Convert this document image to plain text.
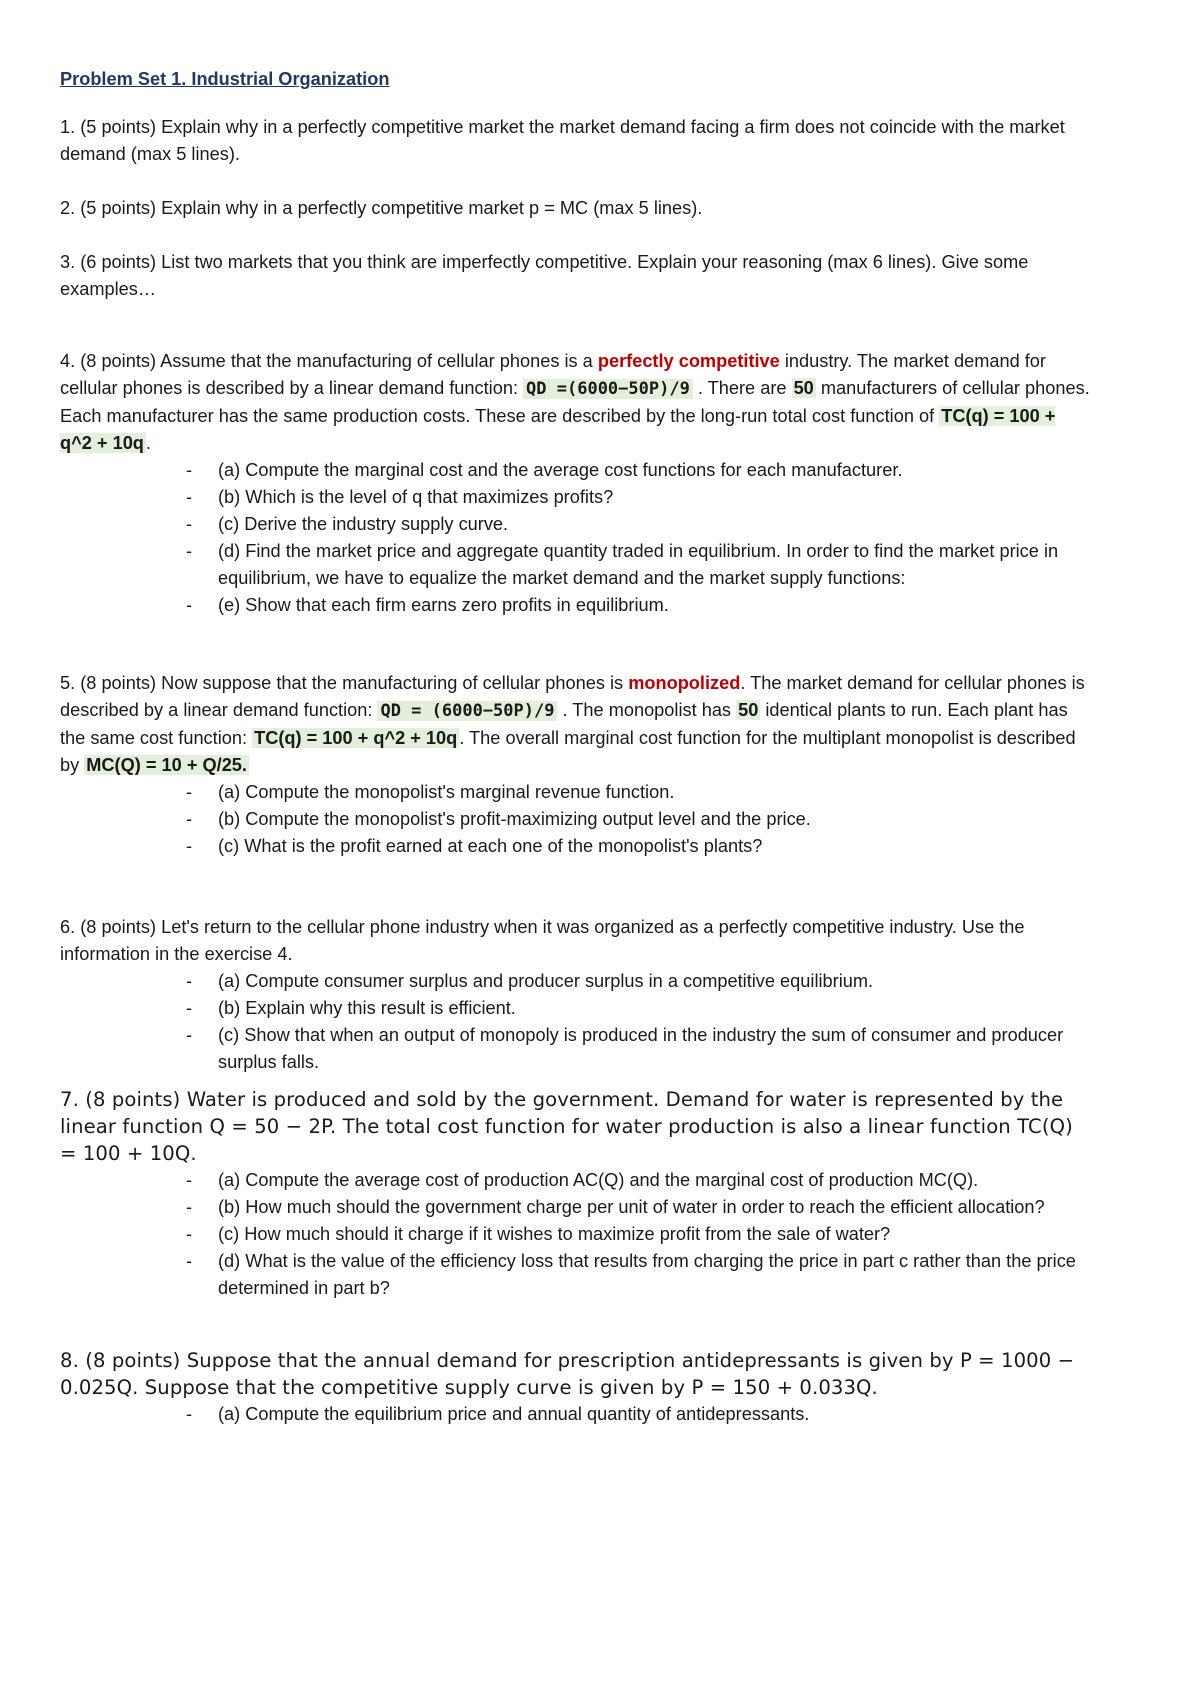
Problem Set 1. Industrial Organization

1. (5 points) Explain why in a perfectly competitive market the market demand facing a firm does not coincide with the market demand (max 5 lines).

2. (5 points) Explain why in a perfectly competitive market p = MC (max 5 lines).

3. (6 points) List two markets that you think are imperfectly competitive. Explain your reasoning (max 6 lines). Give some examples…

4. (8 points) Assume that the manufacturing of cellular phones is a perfectly competitive industry. The market demand for cellular phones is described by a linear demand function: QD =(6000−50P)/9 . There are 50 manufacturers of cellular phones. Each manufacturer has the same production costs. These are described by the long-run total cost function of TC(q) = 100 + q^2 + 10q .

- (a) Compute the marginal cost and the average cost functions for each manufacturer.
- (b) Which is the level of q that maximizes profits?
- (c) Derive the industry supply curve.
- (d) Find the market price and aggregate quantity traded in equilibrium. In order to find the market price in equilibrium, we have to equalize the market demand and the market supply functions:
- (e) Show that each firm earns zero profits in equilibrium.

5. (8 points) Now suppose that the manufacturing of cellular phones is monopolized. The market demand for cellular phones is described by a linear demand function: QD = (6000−50P)/9 . The monopolist has 50 identical plants to run. Each plant has the same cost function: TC(q) = 100 + q^2 + 10q . The overall marginal cost function for the multiplant monopolist is described by MC(Q) = 10 + Q/25.

- (a) Compute the monopolist's marginal revenue function.
- (b) Compute the monopolist's profit-maximizing output level and the price.
- (c) What is the profit earned at each one of the monopolist's plants?

6. (8 points) Let's return to the cellular phone industry when it was organized as a perfectly competitive industry. Use the information in the exercise 4.

- (a) Compute consumer surplus and producer surplus in a competitive equilibrium.
- (b) Explain why this result is efficient.
- (c) Show that when an output of monopoly is produced in the industry the sum of consumer and producer surplus falls.

7. (8 points) Water is produced and sold by the government. Demand for water is represented by the linear function Q = 50 − 2P. The total cost function for water production is also a linear function TC(Q) = 100 + 10Q.

- (a) Compute the average cost of production AC(Q) and the marginal cost of production MC(Q).
- (b) How much should the government charge per unit of water in order to reach the efficient allocation?
- (c) How much should it charge if it wishes to maximize profit from the sale of water?
- (d) What is the value of the efficiency loss that results from charging the price in part c rather than the price determined in part b?

8. (8 points) Suppose that the annual demand for prescription antidepressants is given by P = 1000 − 0.025Q. Suppose that the competitive supply curve is given by P = 150 + 0.033Q.

- (a) Compute the equilibrium price and annual quantity of antidepressants.
